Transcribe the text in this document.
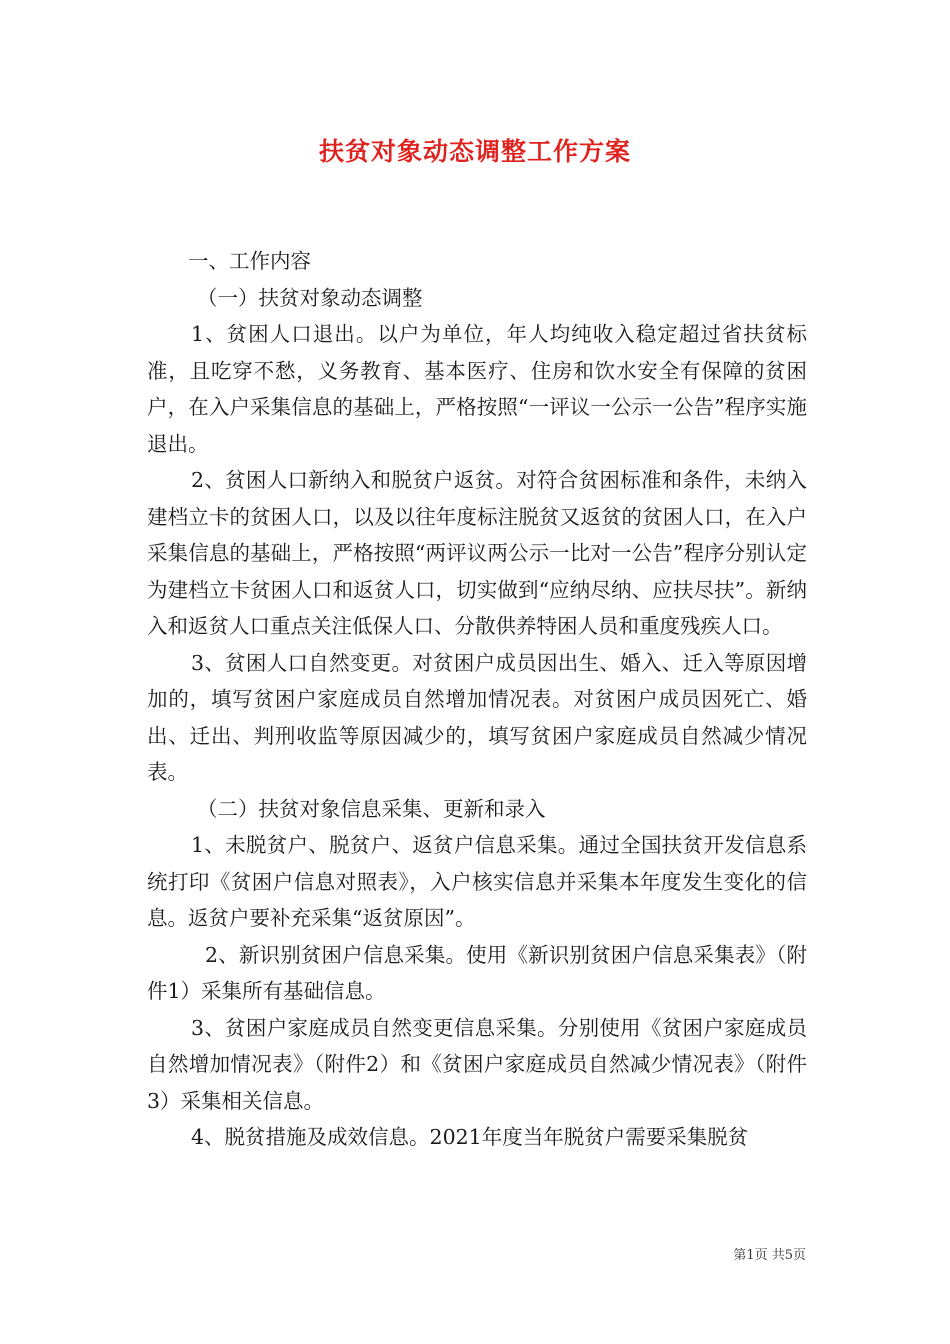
扶贫对象动态调整工作方案

一、工作内容

（一）扶贫对象动态调整

1、贫困人口退出。以户为单位，年人均纯收入稳定超过省扶贫标准，且吃穿不愁，义务教育、基本医疗、住房和饮水安全有保障的贫困户，在入户采集信息的基础上，严格按照“一评议一公示一公告”程序实施退出。

2、贫困人口新纳入和脱贫户返贫。对符合贫困标准和条件，未纳入建档立卡的贫困人口，以及以往年度标注脱贫又返贫的贫困人口，在入户采集信息的基础上，严格按照“两评议两公示一比对一公告”程序分别认定为建档立卡贫困人口和返贫人口，切实做到“应纳尽纳、应扶尽扶”。新纳入和返贫人口重点关注低保人口、分散供养特困人员和重度残疾人口。

3、贫困人口自然变更。对贫困户成员因出生、婚入、迁入等原因增加的，填写贫困户家庭成员自然增加情况表。对贫困户成员因死亡、婚出、迁出、判刑收监等原因减少的，填写贫困户家庭成员自然减少情况表。

（二）扶贫对象信息采集、更新和录入

1、未脱贫户、脱贫户、返贫户信息采集。通过全国扶贫开发信息系统打印《贫困户信息对照表》，入户核实信息并采集本年度发生变化的信息。返贫户要补充采集“返贫原因”。

2、新识别贫困户信息采集。使用《新识别贫困户信息采集表》（附件1）采集所有基础信息。

3、贫困户家庭成员自然变更信息采集。分别使用《贫困户家庭成员自然增加情况表》（附件2）和《贫困户家庭成员自然减少情况表》（附件3）采集相关信息。

4、脱贫措施及成效信息。2021年度当年脱贫户需要采集脱贫

第1页 共5页
